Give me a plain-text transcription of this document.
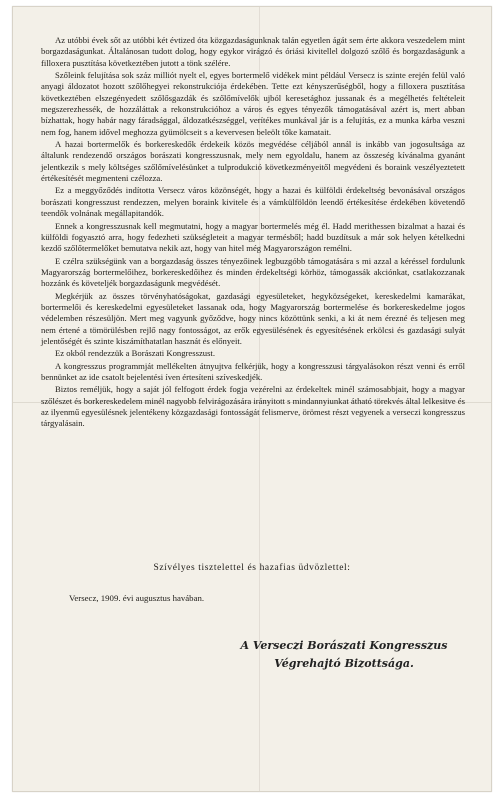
Az utóbbi évek sőt az utóbbi két évtized óta közgazdaságunknak talán egyetlen ágát sem érte akkora veszedelem mint borgazdaságunkat. Általánosan tudott dolog, hogy egykor virágzó és óriási kivitellel dolgozó szőlő és borgazdaságunk a filloxera pusztítása következtében jutott a tönk szélére.

Szőleink felujítása sok száz milliót nyelt el, egyes bortermelő vidékek mint például Versecz is szinte erején felül való anyagi áldozatot hozott szőlőhegyei rekonstrukciója érdekében. Tette ezt kényszerűségből, hogy a filloxera pusztítása következtében elszegényedett szőlősgazdák és szőlőmívelők ujból keresetághoz jussanak és a megélhetés feltételeit megszerezhessék, de hozzáláttak a rekonstrukcióhoz a város és egyes tényezők támogatásával azért is, mert abban bízhattak, hogy habár nagy fáradsággal, áldozatkészséggel, verítékes munkával jár is a felujítás, ez a munka kárba veszni nem fog, hanem idővel meghozza gyümölcseit s a kevervesen beleölt tőke kamatait.

A hazai bortermelők és borkereskedők érdekeik közös megvédése céljából annál is inkább van jogosultsága az általunk rendezendő országos borászati kongresszusnak, mely nem egyoldalu, hanem az összeség kívánalma gyanánt jelentkezik s mely költséges szőlőmívelésünket a tulprodukció következményeitől megvédeni és boraink veszélyeztetett értékesítését megmenteni czélozza.

Ez a meggyőződés indította Versecz város közönségét, hogy a hazai és külföldi érdekeltség bevonásával országos borászati kongresszust rendezzen, melyen boraink kivitele és a vámkülföldön leendő értékesítése érdekében követendő teendők volnának megállapitandók.

Ennek a kongresszusnak kell megmutatni, hogy a magyar bortermelés még él. Hadd merithessen bizalmat a hazai és külföldi fogyasztó arra, hogy fedezheti szükségleteit a magyar termésből; hadd buzdítsuk a már sok helyen kételkedni kezdő szőlőtermelőket bemutatva nekik azt, hogy van hitel még Magyarországon remélni.

E czélra szükségünk van a borgazdaság összes tényezőinek legbuzgóbb támogatására s mi azzal a kéréssel fordulunk Magyarország bortermelőihez, borkereskedőihez és minden érdekeltségi körhöz, támogassák akciónkat, csatlakozzanak hozzánk és követeljék borgazdaságunk megvédését.

Megkérjük az összes törvényhatóságokat, gazdasági egyesületeket, hegyközségeket, kereskedelmi kamarákat, bortermelői és kereskedelmi egyesületeket lassanak oda, hogy Magyarország bortermelése és borkereskedelme jogos védelemben részesüljön. Mert meg vagyunk győződve, hogy nincs közöttünk senki, a ki át nem érezné és teljesen meg nem értené a tömörülésben rejlő nagy fontosságot, az erők egyesülésének és egyesítésének erkölcsi és gazdasági sulyát jelentőségét és szinte kiszámíthatatlan hasznát és előnyeit.

Ez okból rendezzük a Borászati Kongresszust.

A kongresszus programmját mellékelten átnyujtva felkérjük, hogy a kongresszusi tárgyalásokon részt venni és erről bennünket az ide csatolt bejelentési íven értesíteni szíveskedjék.

Biztos reméljük, hogy a saját jól felfogott érdek fogja vezérelni az érdekeltek minél számosabbjait, hogy a magyar szőlészet és borkereskedelem minél nagyobb felvirágozására irányitott s mindannyiunkat átható törekvés által lelkesitve és az ilyenmű egyesülésnek jelentékeny közgazdasági fontosságát felismerve, örömest részt vegyenek a verseczi kongresszus tárgyalásain.

Szívélyes tisztelettel és hazafias üdvözlettel:
Versecz, 1909. évi augusztus havában.
A Verseczi Borászati Kongresszus
Végrehajtó Bizottsága.
